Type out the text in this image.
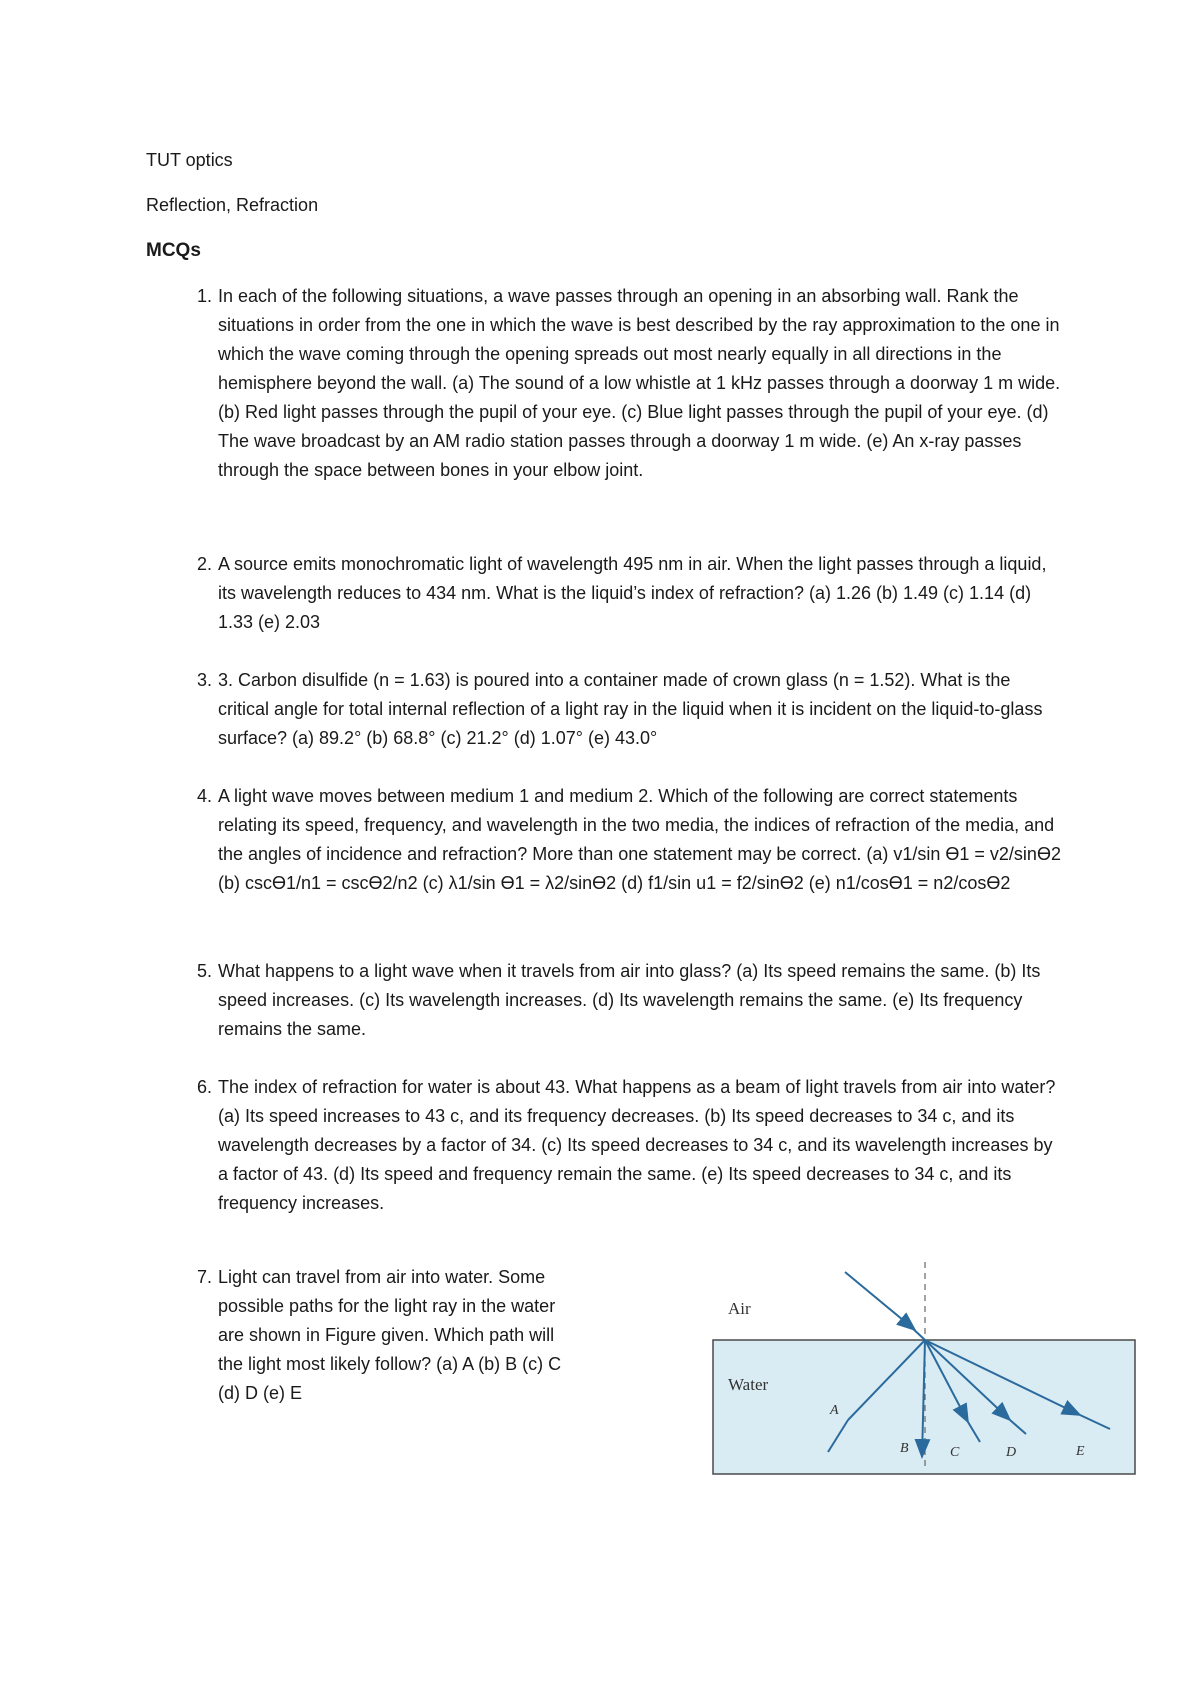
TUT optics
Reflection, Refraction
MCQs
1. In each of the following situations, a wave passes through an opening in an absorbing wall. Rank the situations in order from the one in which the wave is best described by the ray approximation to the one in which the wave coming through the opening spreads out most nearly equally in all directions in the hemisphere beyond the wall. (a) The sound of a low whistle at 1 kHz passes through a doorway 1 m wide. (b) Red light passes through the pupil of your eye. (c) Blue light passes through the pupil of your eye. (d) The wave broadcast by an AM radio station passes through a doorway 1 m wide. (e) An x-ray passes through the space between bones in your elbow joint.
2. A source emits monochromatic light of wavelength 495 nm in air. When the light passes through a liquid, its wavelength reduces to 434 nm. What is the liquid’s index of refraction? (a) 1.26 (b) 1.49 (c) 1.14 (d) 1.33 (e) 2.03
3. 3. Carbon disulfide (n = 1.63) is poured into a container made of crown glass (n = 1.52). What is the critical angle for total internal reflection of a light ray in the liquid when it is incident on the liquid-to-glass surface? (a) 89.2° (b) 68.8° (c) 21.2° (d) 1.07° (e) 43.0°
4. A light wave moves between medium 1 and medium 2. Which of the following are correct statements relating its speed, frequency, and wavelength in the two media, the indices of refraction of the media, and the angles of incidence and refraction? More than one statement may be correct. (a) v1/sin Ɵ1 = v2/sinƟ2 (b) cscƟ1/n1 = cscƟ2/n2 (c) λ1/sin Ɵ1 = λ2/sinƟ2 (d) f1/sin u1 = f2/sinƟ2 (e) n1/cosƟ1 = n2/cosƟ2
5. What happens to a light wave when it travels from air into glass? (a) Its speed remains the same. (b) Its speed increases. (c) Its wavelength increases. (d) Its wavelength remains the same. (e) Its frequency remains the same.
6. The index of refraction for water is about 43. What happens as a beam of light travels from air into water? (a) Its speed increases to 43 c, and its frequency decreases. (b) Its speed decreases to 34 c, and its wavelength decreases by a factor of 34. (c) Its speed decreases to 34 c, and its wavelength increases by a factor of 43. (d) Its speed and frequency remain the same. (e) Its speed decreases to 34 c, and its frequency increases.
7. Light can travel from air into water. Some possible paths for the light ray in the water are shown in Figure given. Which path will the light most likely follow? (a) A (b) B (c) C (d) D (e) E
Air
Water
A
B	C	D	E
